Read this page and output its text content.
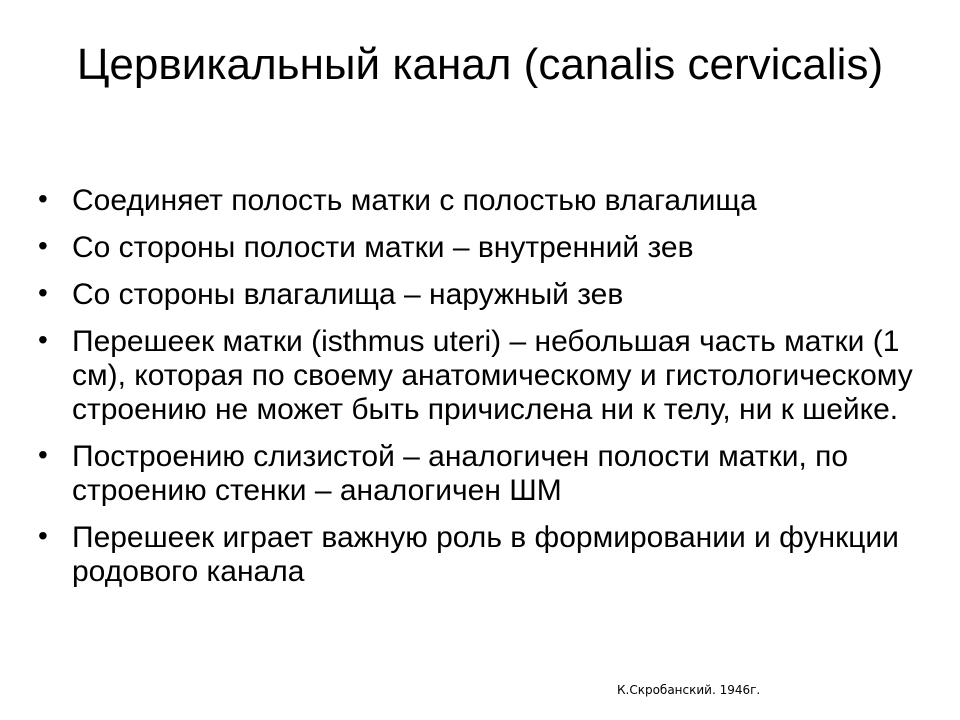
Цервикальный канал (canalis cervicalis)
• Соединяет полость матки с полостью влагалища
• Со стороны полости матки – внутренний зев
• Со стороны влагалища – наружный зев
• Перешеек матки (isthmus uteri) – небольшая часть матки (1 см), которая по своему анатомическому и гистологическому строению не может быть причислена ни к телу, ни к шейке.
• Построению слизистой – аналогичен полости матки, по строению стенки – аналогичен ШМ
• Перешеек играет важную роль в формировании и функции родового канала
К.Скробанский. 1946г.
